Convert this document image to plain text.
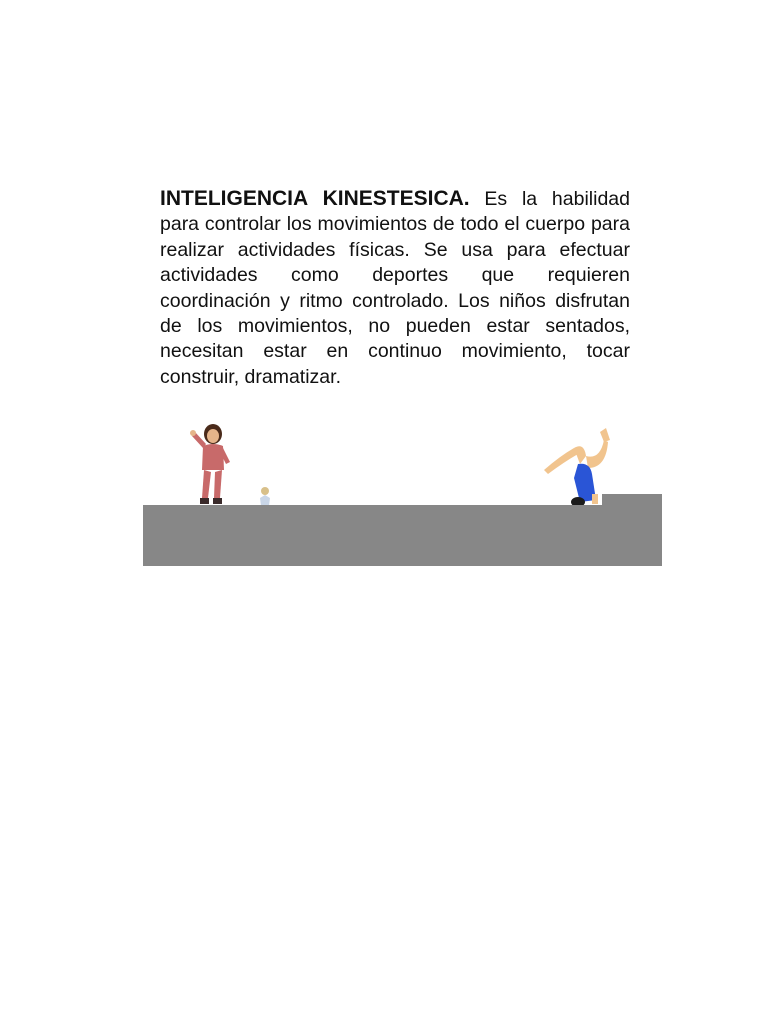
INTELIGENCIA KINESTESICA. Es la habilidad para controlar los movimientos de todo el cuerpo para realizar actividades físicas. Se usa para efectuar actividades como deportes que requieren coordinación y ritmo controlado. Los niños disfrutan de los movimientos, no pueden estar sentados, necesitan estar en continuo movimiento, tocar construir, dramatizar.
